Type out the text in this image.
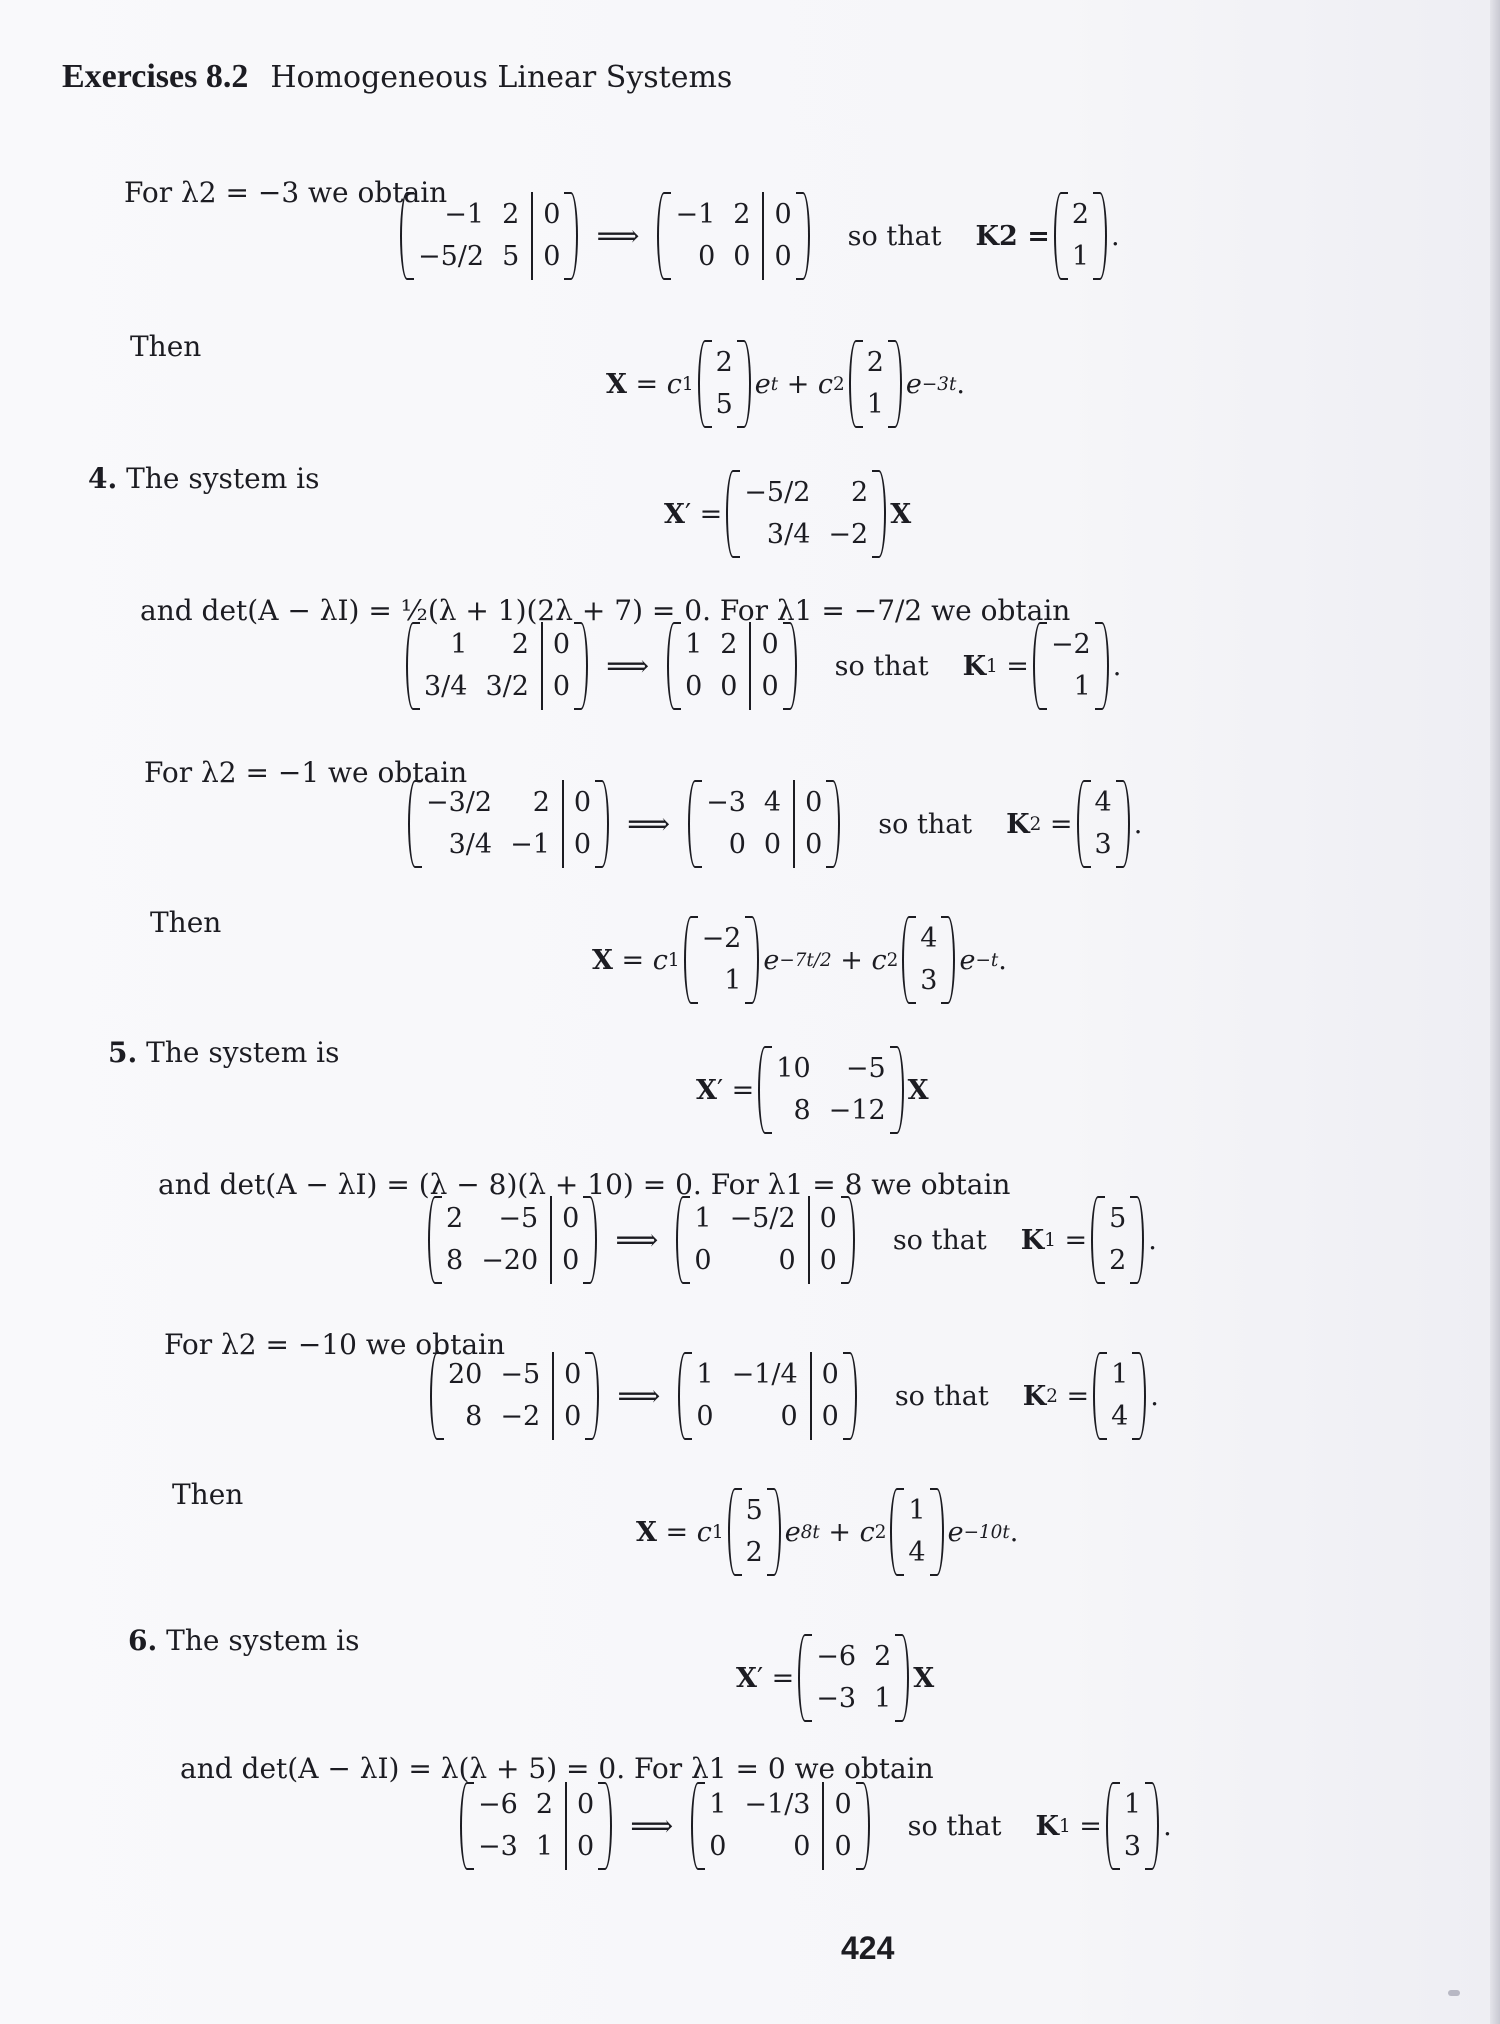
Exercises 8.2 Homogeneous Linear Systems
For λ2 = −3 we obtain
−1
−5/2
2
5
0
0
⟹
−1
0
2
0
0
0
so that K2 =
2
1
.
Then
X = c 1
2
5
e t + c 2
2
1
e −3t .
4. The system is
X ′ =
−5/2
3/4
2
−2
X
and det(A − λI) = ½(λ + 1)(2λ + 7) = 0. For λ1 = −7/2 we obtain
1
3/4
2
3/2
0
0
⟹
1
0
2
0
0
0
so that K 1 =
−2
1
.
For λ2 = −1 we obtain
−3/2
3/4
2
−1
0
0
⟹
−3
0
4
0
0
0
so that K 2 =
4
3
.
Then
X = c 1
−2
1
e −7t/2 + c 2
4
3
e −t .
5. The system is
X ′ =
10
8
−5
−12
X
and det(A − λI) = (λ − 8)(λ + 10) = 0. For λ1 = 8 we obtain
2
8
−5
−20
0
0
⟹
1
0
−5/2
0
0
0
so that K 1 =
5
2
.
For λ2 = −10 we obtain
20
8
−5
−2
0
0
⟹
1
0
−1/4
0
0
0
so that K 2 =
1
4
.
Then
X = c 1
5
2
e 8t + c 2
1
4
e −10t .
6. The system is
X ′ =
−6
−3
2
1
X
and det(A − λI) = λ(λ + 5) = 0. For λ1 = 0 we obtain
−6
−3
2
1
0
0
⟹
1
0
−1/3
0
0
0
so that K 1 =
1
3
.
424
